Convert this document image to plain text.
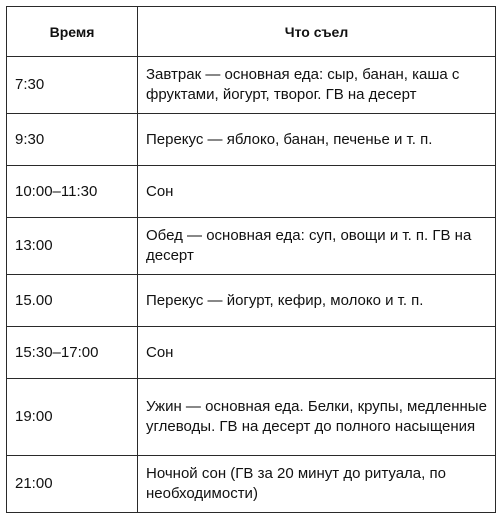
Время	Что съел
7:30	Завтрак — основная еда: сыр, банан, каша с фруктами, йогурт, творог. ГВ на десерт
9:30	Перекус — яблоко, банан, печенье и т. п.
10:00–11:30	Сон
13:00	Обед — основная еда: суп, овощи и т. п. ГВ на десерт
15.00	Перекус — йогурт, кефир, молоко и т. п.
15:30–17:00	Сон
19:00	Ужин — основная еда. Белки, крупы, медленные углеводы. ГВ на десерт до полного насыщения
21:00	Ночной сон (ГВ за 20 минут до ритуала, по необходимости)
